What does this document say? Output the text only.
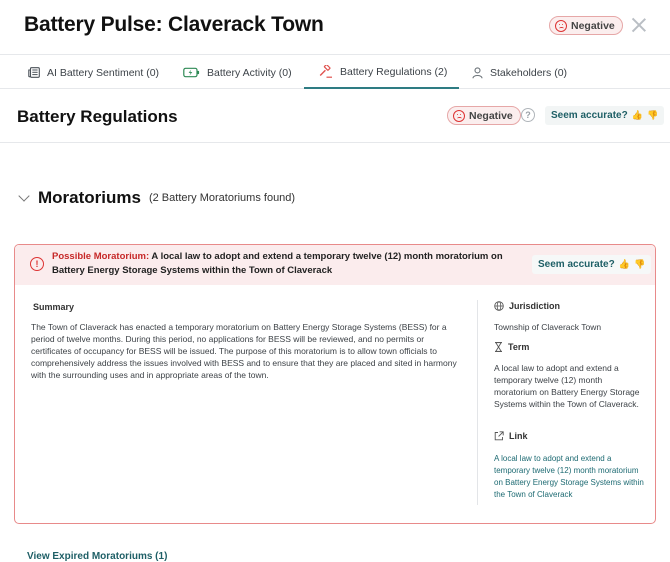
Battery Pulse: Claverack Town	Negative
AI Battery Sentiment (0)	Battery Activity (0)	Battery Regulations (2)	Stakeholders (0)
Battery Regulations	Negative	?	Seem accurate? 👍 👎
Moratoriums (2 Battery Moratoriums found)
!
Possible Moratorium: A local law to adopt and extend a temporary twelve (12) month moratorium on Battery Energy Storage Systems within the Town of Claverack	Seem accurate? 👍 👎
Summary
The Town of Claverack has enacted a temporary moratorium on Battery Energy Storage Systems (BESS) for a period of twelve months. During this period, no applications for BESS will be reviewed, and no permits or certificates of occupancy for BESS will be issued. The purpose of this moratorium is to allow town officials to comprehensively address the issues involved with BESS and to ensure that they are placed and sited in harmony with the surrounding uses and in appropriate areas of the town.
Jurisdiction
Township of Claverack Town
Term
A local law to adopt and extend a temporary twelve (12) month moratorium on Battery Energy Storage Systems within the Town of Claverack.
Link
A local law to adopt and extend a temporary twelve (12) month moratorium on Battery Energy Storage Systems within the Town of Claverack
View Expired Moratoriums (1)
